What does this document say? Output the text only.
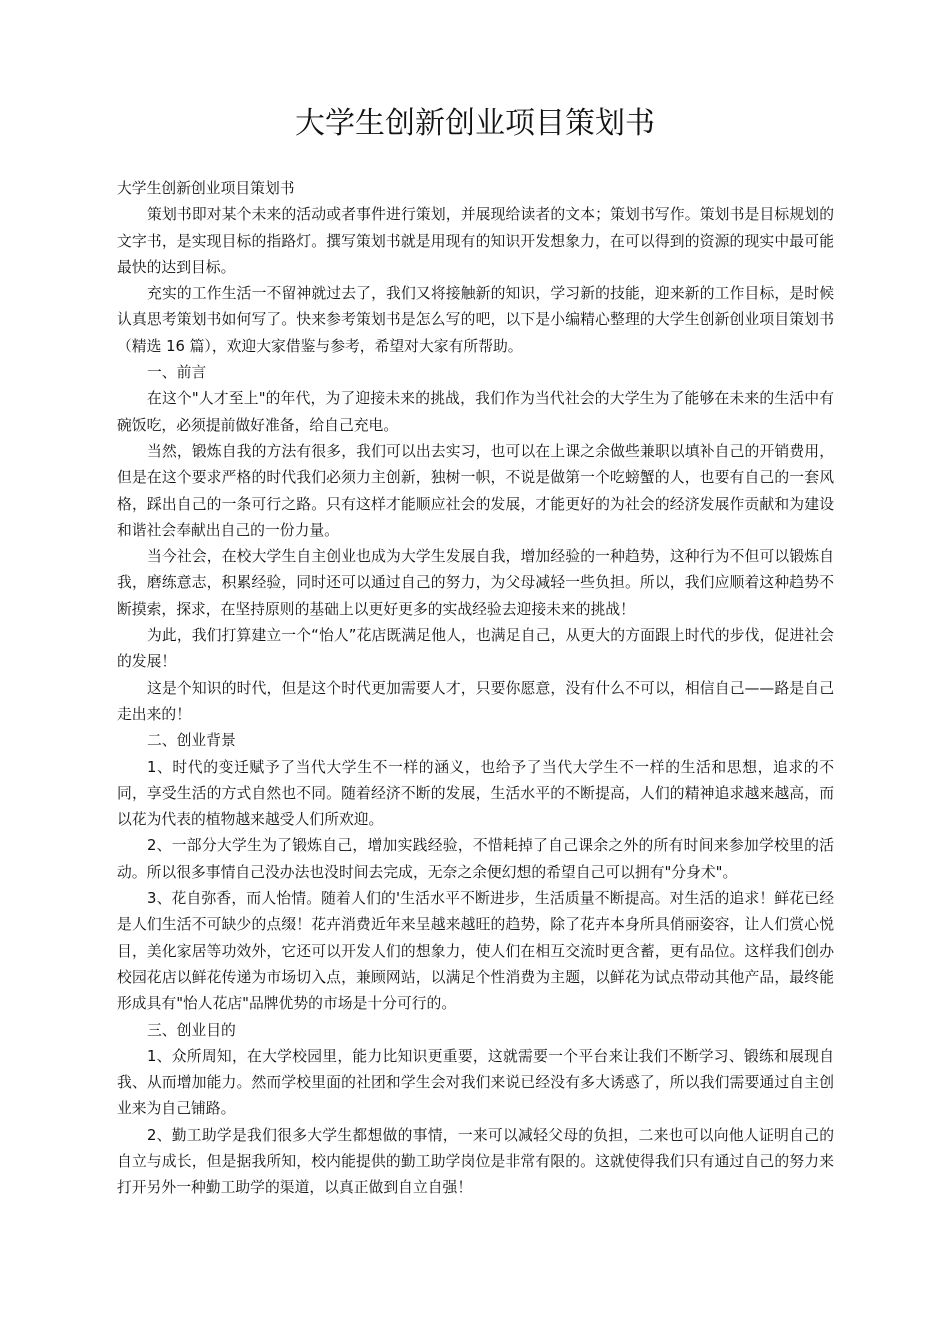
大学生创新创业项目策划书

大学生创新创业项目策划书

策划书即对某个未来的活动或者事件进行策划，并展现给读者的文本；策划书写作。策划书是目标规划的文字书，是实现目标的指路灯。撰写策划书就是用现有的知识开发想象力，在可以得到的资源的现实中最可能最快的达到目标。

充实的工作生活一不留神就过去了，我们又将接触新的知识，学习新的技能，迎来新的工作目标，是时候认真思考策划书如何写了。快来参考策划书是怎么写的吧，以下是小编精心整理的大学生创新创业项目策划书（精选 16 篇），欢迎大家借鉴与参考，希望对大家有所帮助。

一、前言

在这个"人才至上"的年代，为了迎接未来的挑战，我们作为当代社会的大学生为了能够在未来的生活中有碗饭吃，必须提前做好准备，给自己充电。

当然，锻炼自我的方法有很多，我们可以出去实习，也可以在上课之余做些兼职以填补自己的开销费用，但是在这个要求严格的时代我们必须力主创新，独树一帜，不说是做第一个吃螃蟹的人，也要有自己的一套风格，踩出自己的一条可行之路。只有这样才能顺应社会的发展，才能更好的为社会的经济发展作贡献和为建设和谐社会奉献出自己的一份力量。

当今社会，在校大学生自主创业也成为大学生发展自我，增加经验的一种趋势，这种行为不但可以锻炼自我，磨练意志，积累经验，同时还可以通过自己的努力，为父母减轻一些负担。所以，我们应顺着这种趋势不断摸索，探求，在坚持原则的基础上以更好更多的实战经验去迎接未来的挑战！

为此，我们打算建立一个“怡人”花店既满足他人，也满足自己，从更大的方面跟上时代的步伐，促进社会的发展！

这是个知识的时代，但是这个时代更加需要人才，只要你愿意，没有什么不可以，相信自己——路是自己走出来的！

二、创业背景

1、时代的变迁赋予了当代大学生不一样的涵义，也给予了当代大学生不一样的生活和思想，追求的不同，享受生活的方式自然也不同。随着经济不断的发展，生活水平的不断提高，人们的精神追求越来越高，而以花为代表的植物越来越受人们所欢迎。

2、一部分大学生为了锻炼自己，增加实践经验，不惜耗掉了自己课余之外的所有时间来参加学校里的活动。所以很多事情自己没办法也没时间去完成，无奈之余便幻想的希望自己可以拥有"分身术"。

3、花自弥香，而人怡情。随着人们的'生活水平不断进步，生活质量不断提高。对生活的追求！鲜花已经是人们生活不可缺少的点缀！花卉消费近年来呈越来越旺的趋势，除了花卉本身所具俏丽姿容，让人们赏心悦目，美化家居等功效外，它还可以开发人们的想象力，使人们在相互交流时更含蓄，更有品位。这样我们创办校园花店以鲜花传递为市场切入点，兼顾网站，以满足个性消费为主题，以鲜花为试点带动其他产品，最终能形成具有"怡人花店"品牌优势的市场是十分可行的。

三、创业目的

1、众所周知，在大学校园里，能力比知识更重要，这就需要一个平台来让我们不断学习、锻练和展现自我、从而增加能力。然而学校里面的社团和学生会对我们来说已经没有多大诱惑了，所以我们需要通过自主创业来为自己铺路。

2、勤工助学是我们很多大学生都想做的事情，一来可以减轻父母的负担，二来也可以向他人证明自己的自立与成长，但是据我所知，校内能提供的勤工助学岗位是非常有限的。这就使得我们只有通过自己的努力来打开另外一种勤工助学的渠道，以真正做到自立自强！
